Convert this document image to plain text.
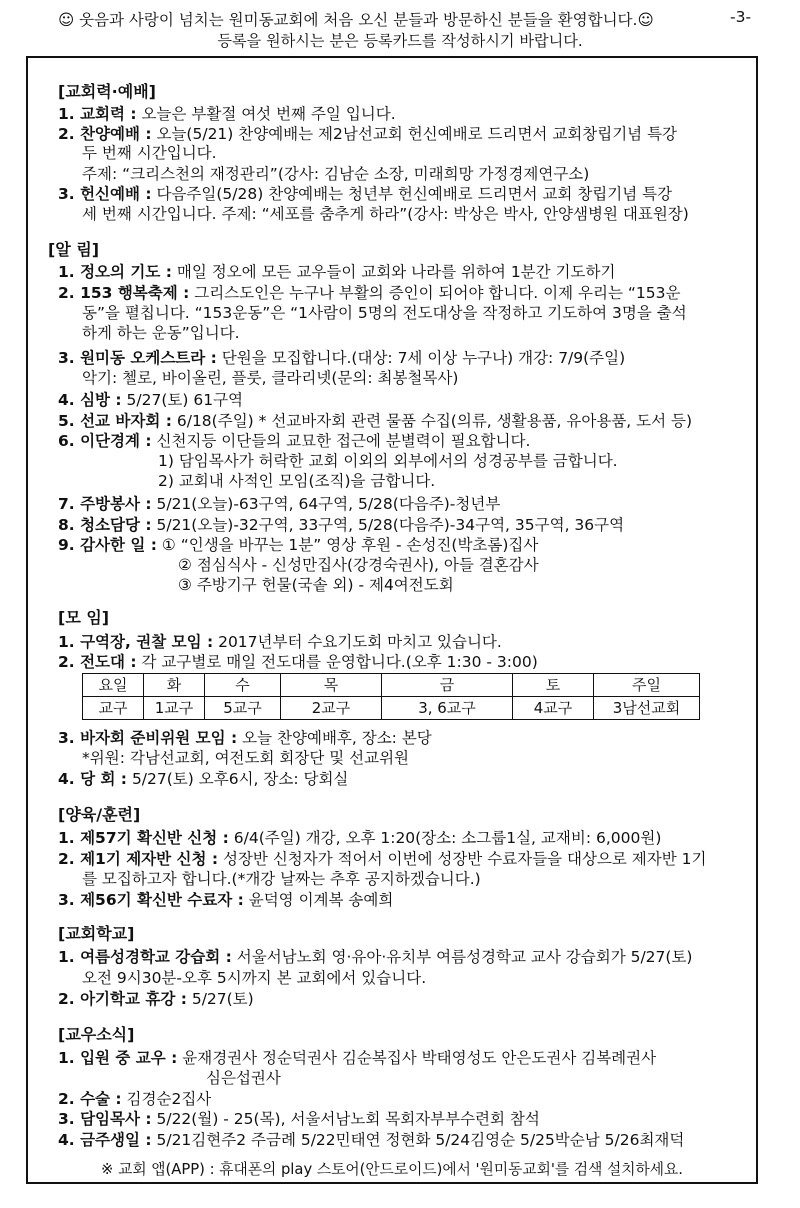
☺ 웃음과 사랑이 넘치는 원미동교회에 처음 오신 분들과 방문하신 분들을 환영합니다.☺	-3-
등록을 원하시는 분은 등록카드를 작성하시기 바랍니다.
[교회력·예배]
1. 교회력 : 오늘은 부활절 여섯 번째 주일 입니다.
2. 찬양예배 : 오늘(5/21) 찬양예배는 제2남선교회 헌신예배로 드리면서 교회창립기념 특강
두 번째 시간입니다.
주제: “크리스천의 재정관리”(강사: 김남순 소장, 미래희망 가정경제연구소)
3. 헌신예배 : 다음주일(5/28) 찬양예배는 청년부 헌신예배로 드리면서 교회 창립기념 특강
세 번째 시간입니다. 주제: “세포를 춤추게 하라”(강사: 박상은 박사, 안양샘병원 대표원장)
[알 림]
1. 정오의 기도 : 매일 정오에 모든 교우들이 교회와 나라를 위하여 1분간 기도하기
2. 153 행복축제 : 그리스도인은 누구나 부활의 증인이 되어야 합니다. 이제 우리는 “153운
동”을 펼칩니다. “153운동”은 “1사람이 5명의 전도대상을 작정하고 기도하여 3명을 출석
하게 하는 운동”입니다.
3. 원미동 오케스트라 : 단원을 모집합니다.(대상: 7세 이상 누구나) 개강: 7/9(주일)
악기: 첼로, 바이올린, 플룻, 클라리넷(문의: 최봉철목사)
4. 심방 : 5/27(토) 61구역
5. 선교 바자회 : 6/18(주일) * 선교바자회 관련 물품 수집(의류, 생활용품, 유아용품, 도서 등)
6. 이단경계 : 신천지등 이단들의 교묘한 접근에 분별력이 필요합니다.
1) 담임목사가 허락한 교회 이외의 외부에서의 성경공부를 금합니다.
2) 교회내 사적인 모임(조직)을 금합니다.
7. 주방봉사 : 5/21(오늘)-63구역, 64구역, 5/28(다음주)-청년부
8. 청소담당 : 5/21(오늘)-32구역, 33구역, 5/28(다음주)-34구역, 35구역, 36구역
9. 감사한 일 : ① “인생을 바꾸는 1분” 영상 후원 - 손성진(박초롬)집사
② 점심식사 - 신성만집사(강경숙권사), 아들 결혼감사
③ 주방기구 헌물(국솥 외) - 제4여전도회
[모 임]
1. 구역장, 권찰 모임 : 2017년부터 수요기도회 마치고 있습니다.
2. 전도대 : 각 교구별로 매일 전도대를 운영합니다.(오후 1:30 - 3:00)
요일	화	수	목	금	토	주일
교구	1교구	5교구	2교구	3, 6교구	4교구	3남선교회
3. 바자회 준비위원 모임 : 오늘 찬양예배후, 장소: 본당
*위원: 각남선교회, 여전도회 회장단 및 선교위원
4. 당 회 : 5/27(토) 오후6시, 장소: 당회실
[양육/훈련]
1. 제57기 확신반 신청 : 6/4(주일) 개강, 오후 1:20(장소: 소그룹1실, 교재비: 6,000원)
2. 제1기 제자반 신청 : 성장반 신청자가 적어서 이번에 성장반 수료자들을 대상으로 제자반 1기
를 모집하고자 합니다.(*개강 날짜는 추후 공지하겠습니다.)
3. 제56기 확신반 수료자 : 윤덕영 이계복 송예희
[교회학교]
1. 여름성경학교 강습회 : 서울서남노회 영·유아·유치부 여름성경학교 교사 강습회가 5/27(토)
오전 9시30분-오후 5시까지 본 교회에서 있습니다.
2. 아기학교 휴강 : 5/27(토)
[교우소식]
1. 입원 중 교우 : 윤재경권사 정순덕권사 김순복집사 박태영성도 안은도권사 김복례권사
심은섭권사
2. 수술 : 김경순2집사
3. 담임목사 : 5/22(월) - 25(목), 서울서남노회 목회자부부수련회 참석
4. 금주생일 : 5/21김현주2 주금례 5/22민태연 정현화 5/24김영순 5/25박순남 5/26최재덕
※ 교회 앱(APP) : 휴대폰의 play 스토어(안드로이드)에서 '원미동교회'를 검색 설치하세요.
